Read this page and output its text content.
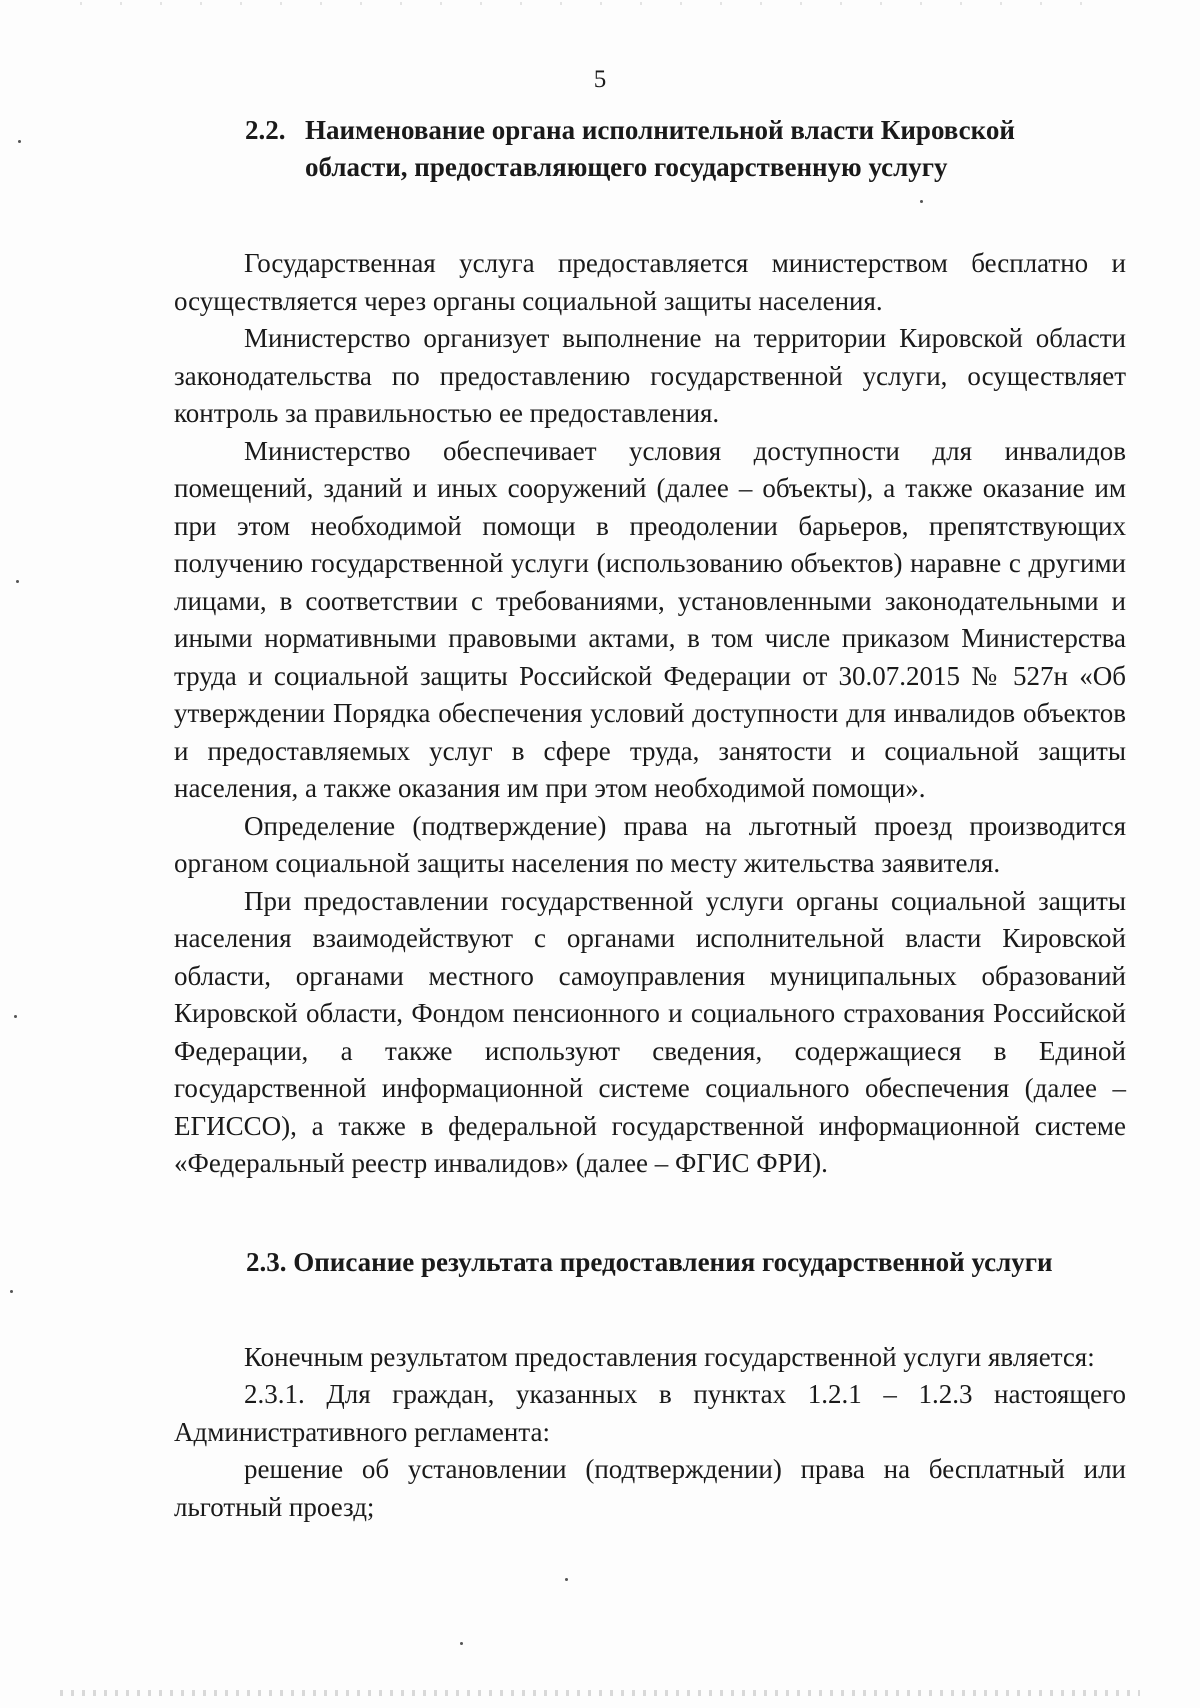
5
2.2. Наименование органа исполнительной власти Кировской
области, предоставляющего государственную услугу

Государственная услуга предоставляется министерством бесплатно и осуществляется через органы социальной защиты населения.

Министерство организует выполнение на территории Кировской области законодательства по предоставлению государственной услуги, осуществляет контроль за правильностью ее предоставления.

Министерство обеспечивает условия доступности для инвалидов помещений, зданий и иных сооружений (далее – объекты), а также оказание им при этом необходимой помощи в преодолении барьеров, препятствующих получению государственной услуги (использованию объектов) наравне с другими лицами, в соответствии с требованиями, установленными законодательными и иными нормативными правовыми актами, в том числе приказом Министерства труда и социальной защиты Российской Федерации от 30.07.2015 № 527н «Об утверждении Порядка обеспечения условий доступности для инвалидов объектов и предоставляемых услуг в сфере труда, занятости и социальной защиты населения, а также оказания им при этом необходимой помощи».

Определение (подтверждение) права на льготный проезд производится органом социальной защиты населения по месту жительства заявителя.

При предоставлении государственной услуги органы социальной защиты населения взаимодействуют с органами исполнительной власти Кировской области, органами местного самоуправления муниципальных образований Кировской области, Фондом пенсионного и социального страхования Российской Федерации, а также используют сведения, содержащиеся в Единой государственной информационной системе социального обеспечения (далее – ЕГИССО), а также в федеральной государственной информационной системе «Федеральный реестр инвалидов» (далее – ФГИС ФРИ).

2.3. Описание результата предоставления государственной услуги

Конечным результатом предоставления государственной услуги является:

2.3.1. Для граждан, указанных в пунктах 1.2.1 – 1.2.3 настоящего Административного регламента:

решение об установлении (подтверждении) права на бесплатный или льготный проезд;
